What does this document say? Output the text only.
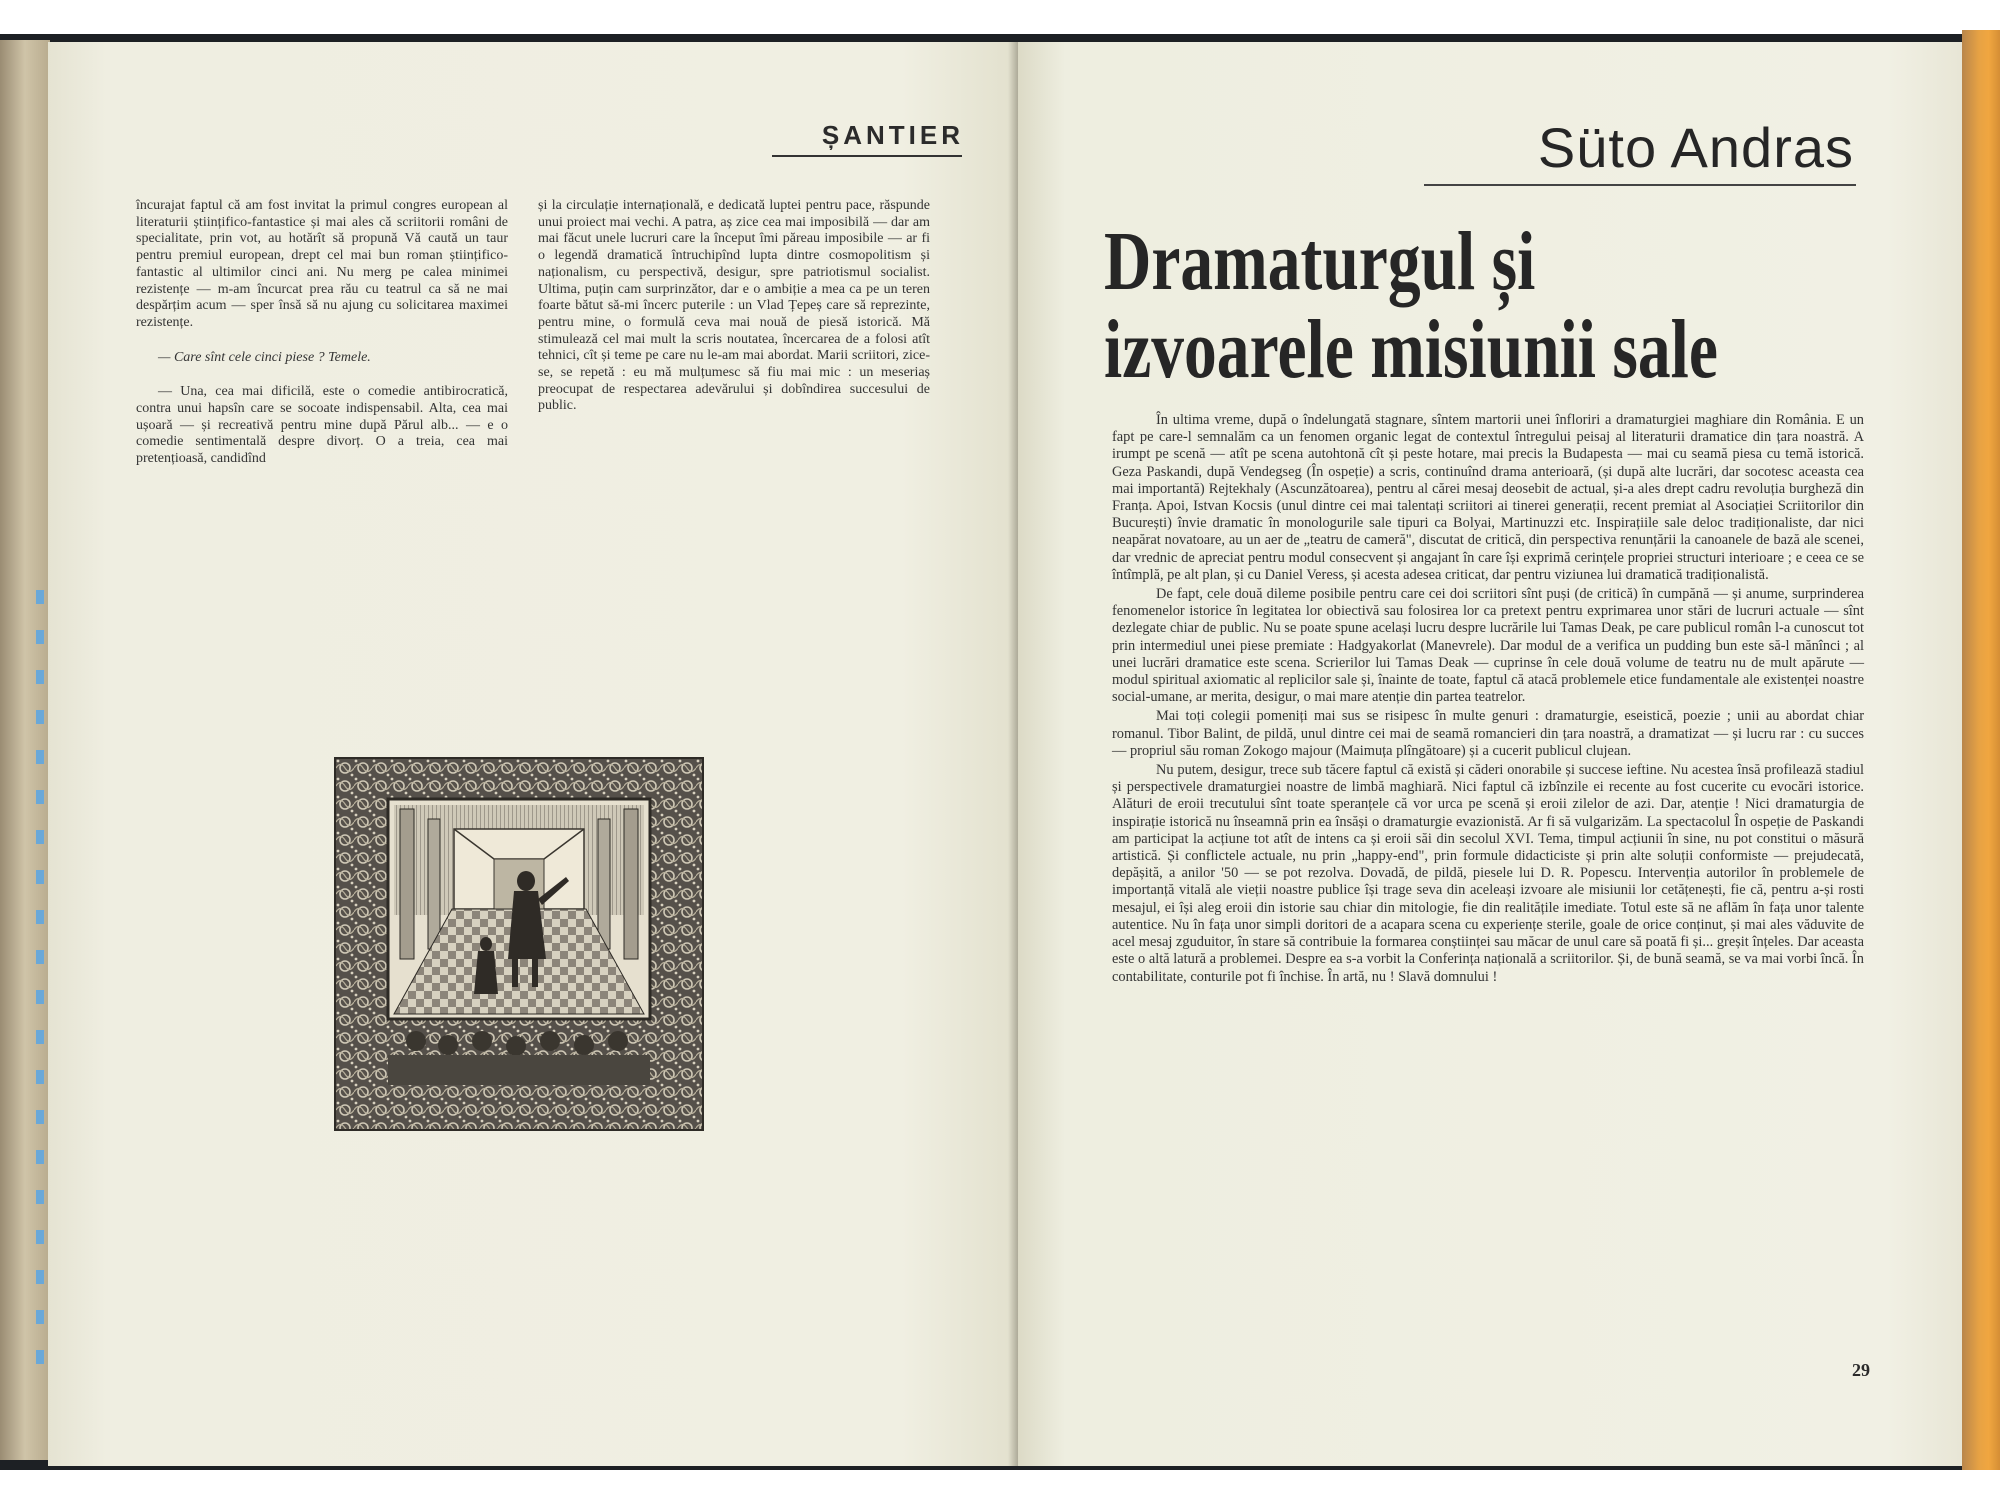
ȘANTIER

încurajat faptul că am fost invitat la primul congres european al literaturii științifico-fantastice și mai ales că scriitorii români de specialitate, prin vot, au hotărît să propună Vă caută un taur pentru premiul european, drept cel mai bun roman științifico-fantastic al ultimilor cinci ani. Nu merg pe calea minimei rezistențe — m-am încurcat prea rău cu teatrul ca să ne mai despărțim acum — sper însă să nu ajung cu solicitarea maximei rezistențe.

— Care sînt cele cinci piese ? Temele.

— Una, cea mai dificilă, este o comedie antibirocratică, contra unui hapsîn care se socoate indispensabil. Alta, cea mai ușoară — și recreativă pentru mine după Părul alb... — e o comedie sentimentală despre divorț. O a treia, cea mai pretențioasă, candidînd

și la circulație internațională, e dedicată luptei pentru pace, răspunde unui proiect mai vechi. A patra, aș zice cea mai imposibilă — dar am mai făcut unele lucruri care la început îmi păreau imposibile — ar fi o legendă dramatică întruchipînd lupta dintre cosmopolitism și naționalism, cu perspectivă, desigur, spre patriotismul socialist. Ultima, puțin cam surprinzător, dar e o ambiție a mea ca pe un teren foarte bătut să-mi încerc puterile : un Vlad Țepeș care să reprezinte, pentru mine, o formulă ceva mai nouă de piesă istorică. Mă stimulează cel mai mult la scris noutatea, încercarea de a folosi atît tehnici, cît și teme pe care nu le-am mai abordat. Marii scriitori, zice-se, se repetă : eu mă mulțumesc să fiu mai mic : un meseriaș preocupat de respectarea adevărului și dobîndirea succesului de public.

Süto Andras
Dramaturgul și
izvoarele misiunii sale

În ultima vreme, după o îndelungată stagnare, sîntem martorii unei înfloriri a dramaturgiei maghiare din România. E un fapt pe care-l semnalăm ca un fenomen organic legat de contextul întregului peisaj al literaturii dramatice din țara noastră. A irumpt pe scenă — atît pe scena autohtonă cît și peste hotare, mai precis la Budapesta — mai cu seamă piesa cu temă istorică. Geza Paskandi, după Vendegseg (În ospeție) a scris, continuînd drama anterioară, (și după alte lucrări, dar socotesc aceasta cea mai importantă) Rejtekhaly (Ascunzătoarea), pentru al cărei mesaj deosebit de actual, și-a ales drept cadru revoluția burgheză din Franța. Apoi, Istvan Kocsis (unul dintre cei mai talentați scriitori ai tinerei generații, recent premiat al Asociației Scriitorilor din București) învie dramatic în monologurile sale tipuri ca Bolyai, Martinuzzi etc. Inspirațiile sale deloc tradiționaliste, dar nici neapărat novatoare, au un aer de „teatru de cameră", discutat de critică, din perspectiva renunțării la canoanele de bază ale scenei, dar vrednic de apreciat pentru modul consecvent și angajant în care își exprimă cerințele propriei structuri interioare ; e ceea ce se întîmplă, pe alt plan, și cu Daniel Veress, și acesta adesea criticat, dar pentru viziunea lui dramatică tradiționalistă.

De fapt, cele două dileme posibile pentru care cei doi scriitori sînt puși (de critică) în cumpănă — și anume, surprinderea fenomenelor istorice în legitatea lor obiectivă sau folosirea lor ca pretext pentru exprimarea unor stări de lucruri actuale — sînt dezlegate chiar de public. Nu se poate spune același lucru despre lucrările lui Tamas Deak, pe care publicul român l-a cunoscut tot prin intermediul unei piese premiate : Hadgyakorlat (Manevrele). Dar modul de a verifica un pudding bun este să-l mănînci ; al unei lucrări dramatice este scena. Scrierilor lui Tamas Deak — cuprinse în cele două volume de teatru nu de mult apărute — modul spiritual axiomatic al replicilor sale și, înainte de toate, faptul că atacă problemele etice fundamentale ale existenței noastre social-umane, ar merita, desigur, o mai mare atenție din partea teatrelor.

Mai toți colegii pomeniți mai sus se risipesc în multe genuri : dramaturgie, eseistică, poezie ; unii au abordat chiar romanul. Tibor Balint, de pildă, unul dintre cei mai de seamă romancieri din țara noastră, a dramatizat — și lucru rar : cu succes — propriul său roman Zokogo majour (Maimuța plîngătoare) și a cucerit publicul clujean.

Nu putem, desigur, trece sub tăcere faptul că există și căderi onorabile și succese ieftine. Nu acestea însă profilează stadiul și perspectivele dramaturgiei noastre de limbă maghiară. Nici faptul că izbînzile ei recente au fost cucerite cu evocări istorice. Alături de eroii trecutului sînt toate speranțele că vor urca pe scenă și eroii zilelor de azi. Dar, atenție ! Nici dramaturgia de inspirație istorică nu înseamnă prin ea însăși o dramaturgie evazionistă. Ar fi să vulgarizăm. La spectacolul În ospeție de Paskandi am participat la acțiune tot atît de intens ca și eroii săi din secolul XVI. Tema, timpul acțiunii în sine, nu pot constitui o măsură artistică. Și conflictele actuale, nu prin „happy-end", prin formule didacticiste și prin alte soluții conformiste — prejudecată, depășită, a anilor '50 — se pot rezolva. Dovadă, de pildă, piesele lui D. R. Popescu. Intervenția autorilor în problemele de importanță vitală ale vieții noastre publice își trage seva din aceleași izvoare ale misiunii lor cetățenești, fie că, pentru a-și rosti mesajul, ei își aleg eroii din istorie sau chiar din mitologie, fie din realitățile imediate. Totul este să ne aflăm în fața unor talente autentice. Nu în fața unor simpli doritori de a acapara scena cu experiențe sterile, goale de orice conținut, și mai ales văduvite de acel mesaj zguduitor, în stare să contribuie la formarea conștiinței sau măcar de unul care să poată fi și... greșit înțeles. Dar aceasta este o altă latură a problemei. Despre ea s-a vorbit la Conferința națională a scriitorilor. Și, de bună seamă, se va mai vorbi încă. În contabilitate, conturile pot fi închise. În artă, nu ! Slavă domnului !

29
